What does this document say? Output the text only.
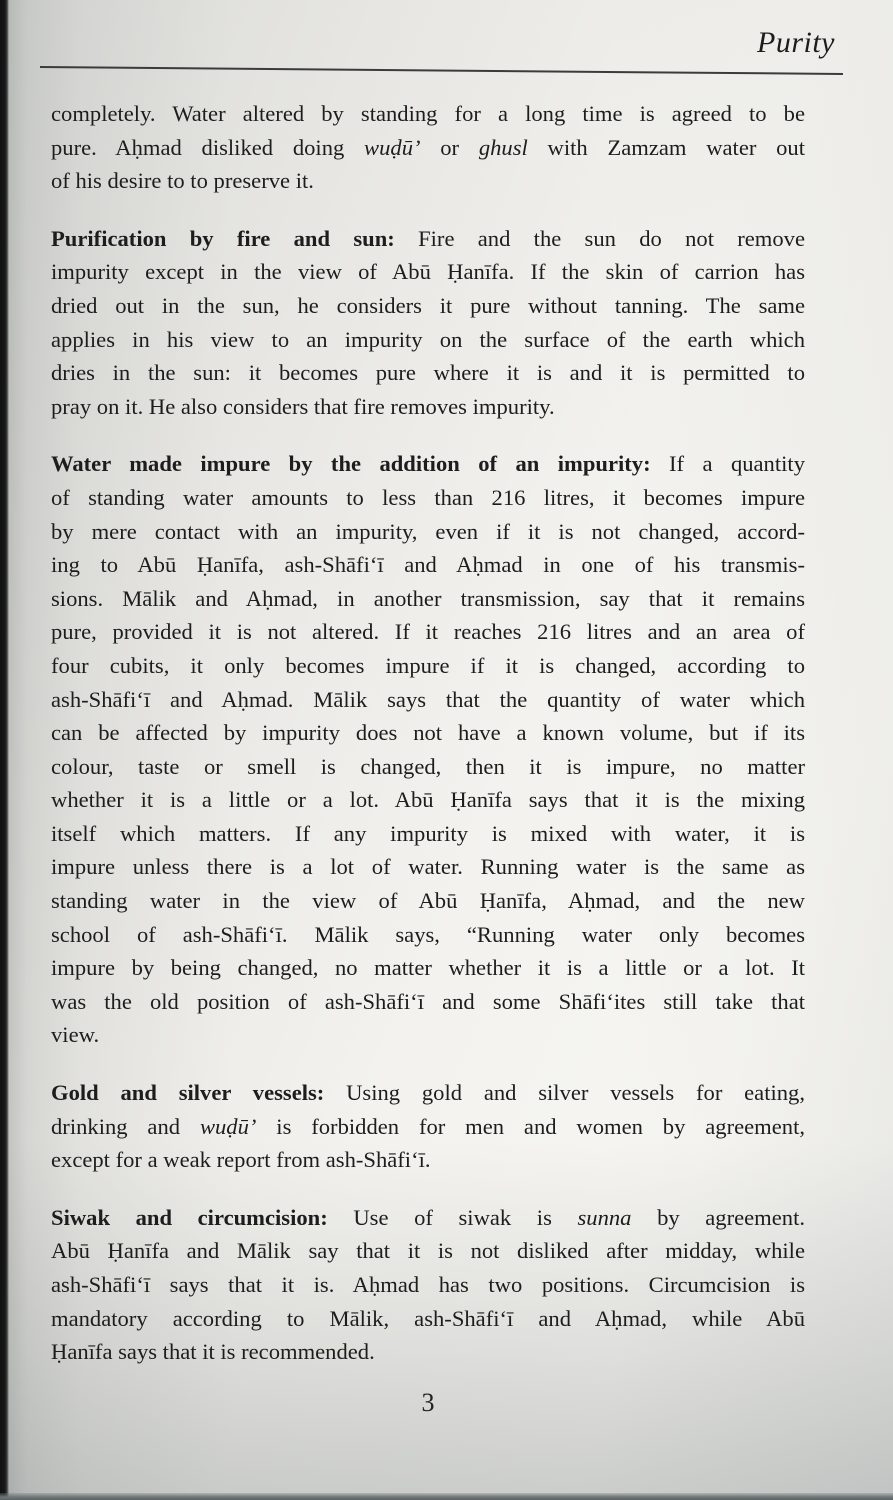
Purity
completely. Water altered by standing for a long time is agreed to be
pure. Aḥmad disliked doing wuḍū’ or ghusl with Zamzam water out
of his desire to to preserve it.
Purification by fire and sun: Fire and the sun do not remove
impurity except in the view of Abū Ḥanīfa. If the skin of carrion has
dried out in the sun, he considers it pure without tanning. The same
applies in his view to an impurity on the surface of the earth which
dries in the sun: it becomes pure where it is and it is permitted to
pray on it. He also considers that fire removes impurity.
Water made impure by the addition of an impurity: If a quantity
of standing water amounts to less than 216 litres, it becomes impure
by mere contact with an impurity, even if it is not changed, accord-
ing to Abū Ḥanīfa, ash-Shāfi‘ī and Aḥmad in one of his transmis-
sions. Mālik and Aḥmad, in another transmission, say that it remains
pure, provided it is not altered. If it reaches 216 litres and an area of
four cubits, it only becomes impure if it is changed, according to
ash-Shāfi‘ī and Aḥmad. Mālik says that the quantity of water which
can be affected by impurity does not have a known volume, but if its
colour, taste or smell is changed, then it is impure, no matter
whether it is a little or a lot. Abū Ḥanīfa says that it is the mixing
itself which matters. If any impurity is mixed with water, it is
impure unless there is a lot of water. Running water is the same as
standing water in the view of Abū Ḥanīfa, Aḥmad, and the new
school of ash-Shāfi‘ī. Mālik says, “Running water only becomes
impure by being changed, no matter whether it is a little or a lot. It
was the old position of ash-Shāfi‘ī and some Shāfi‘ites still take that
view.
Gold and silver vessels: Using gold and silver vessels for eating,
drinking and wuḍū’ is forbidden for men and women by agreement,
except for a weak report from ash-Shāfi‘ī.
Siwak and circumcision: Use of siwak is sunna by agreement.
Abū Ḥanīfa and Mālik say that it is not disliked after midday, while
ash-Shāfi‘ī says that it is. Aḥmad has two positions. Circumcision is
mandatory according to Mālik, ash-Shāfi‘ī and Aḥmad, while Abū
Ḥanīfa says that it is recommended.
3
